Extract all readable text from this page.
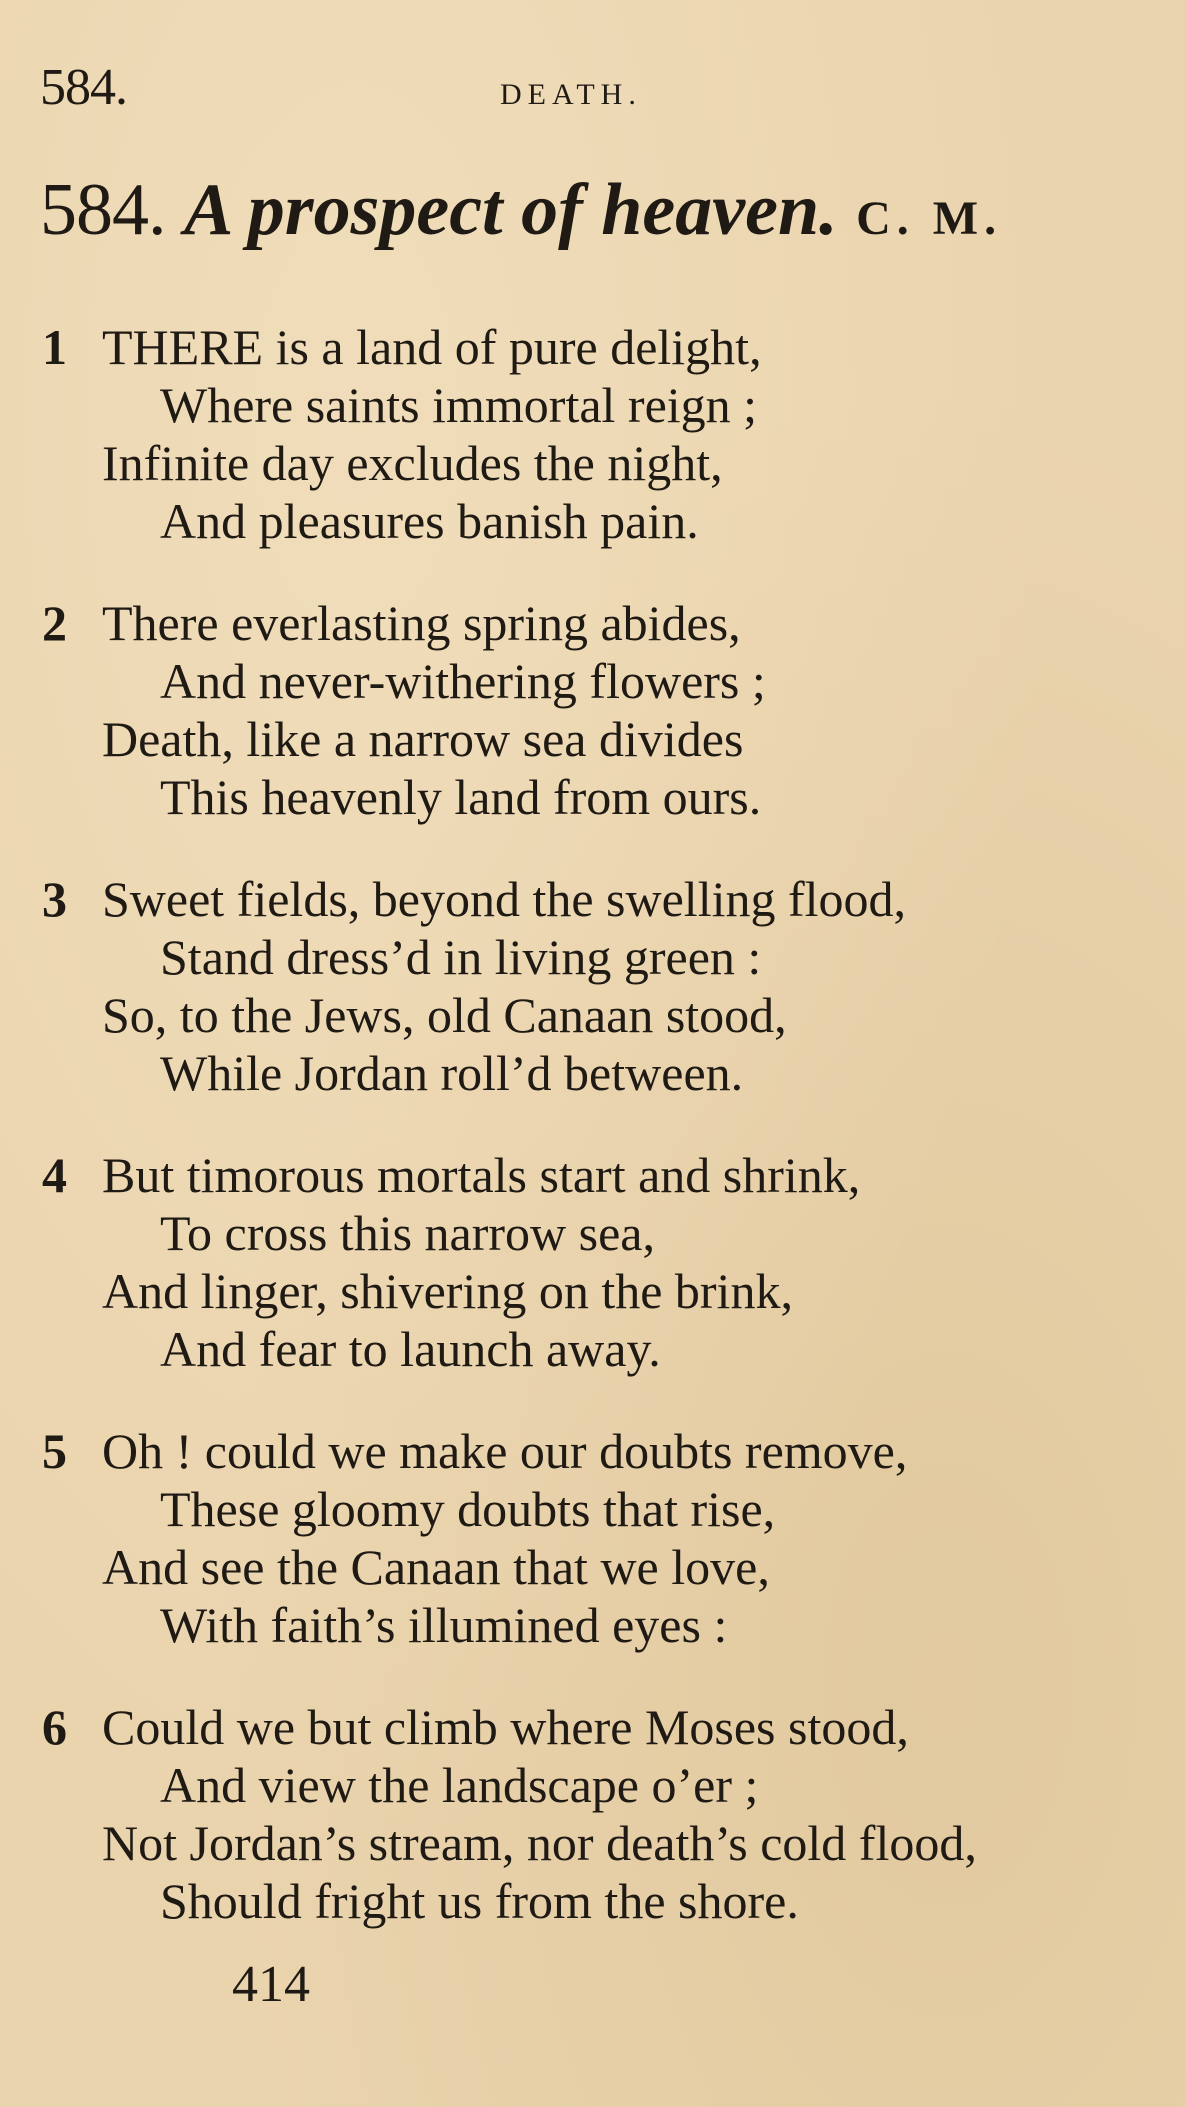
584.	DEATH.
584. A prospect of heaven. C. M.
1 THERE is a land of pure delight,
Where saints immortal reign ;
Infinite day excludes the night,
And pleasures banish pain.
2 There everlasting spring abides,
And never-withering flowers ;
Death, like a narrow sea divides
This heavenly land from ours.
3 Sweet fields, beyond the swelling flood,
Stand dress’d in living green :
So, to the Jews, old Canaan stood,
While Jordan roll’d between.
4 But timorous mortals start and shrink,
To cross this narrow sea,
And linger, shivering on the brink,
And fear to launch away.
5 Oh ! could we make our doubts remove,
These gloomy doubts that rise,
And see the Canaan that we love,
With faith’s illumined eyes :
6 Could we but climb where Moses stood,
And view the landscape o’er ;
Not Jordan’s stream, nor death’s cold flood,
Should fright us from the shore.
414
